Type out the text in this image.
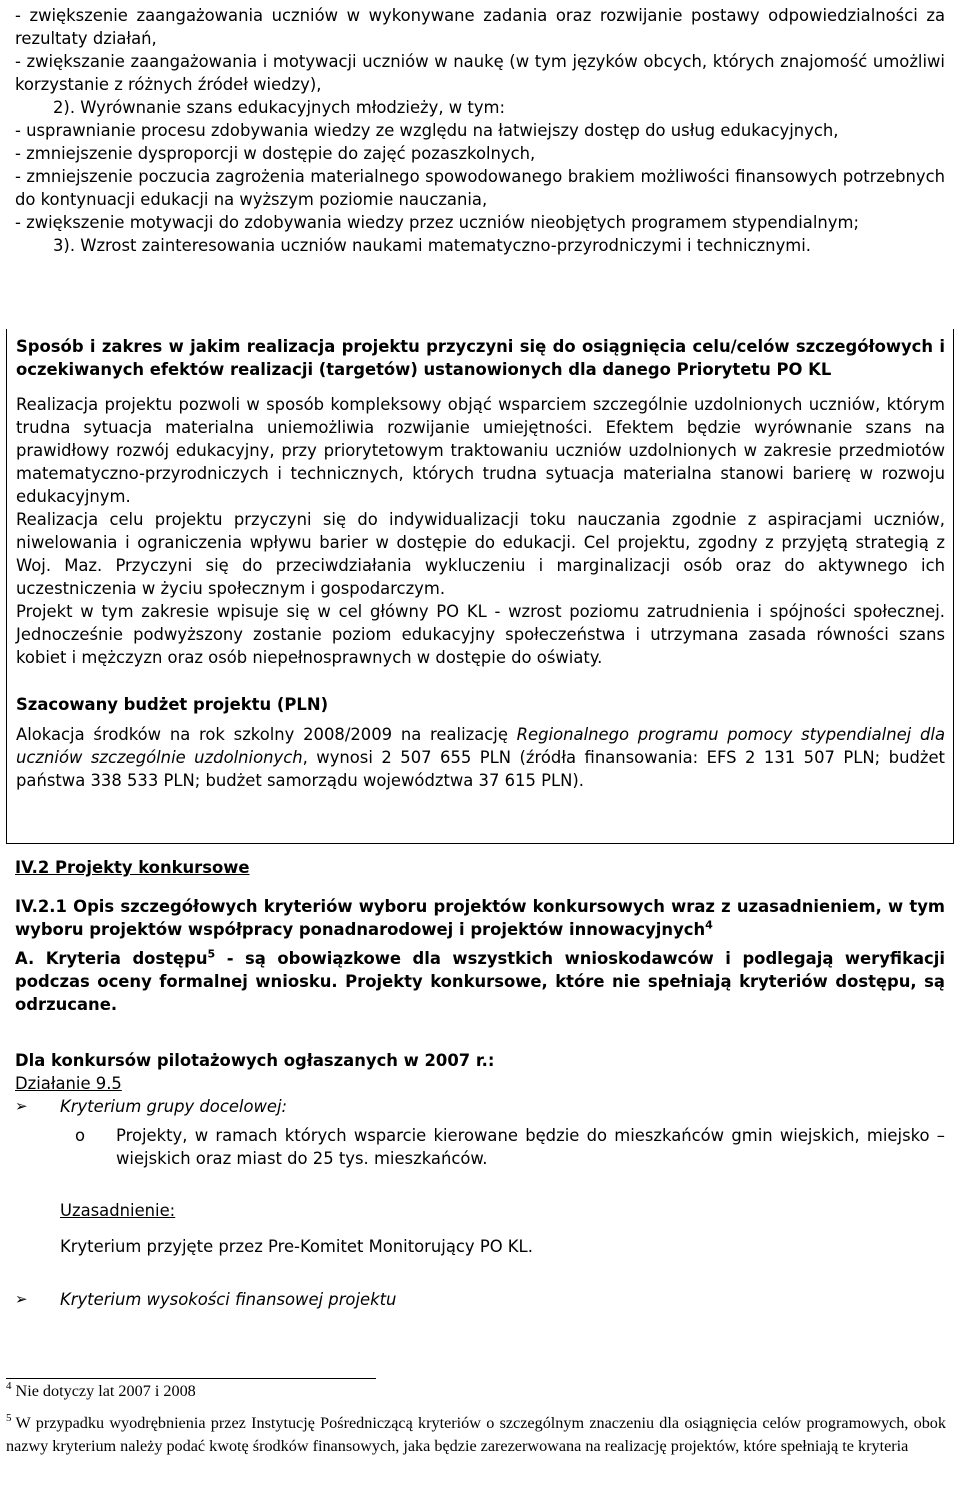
- zwiększenie zaangażowania uczniów w wykonywane zadania oraz rozwijanie postawy odpowiedzialności za rezultaty działań,

- zwiększanie zaangażowania i motywacji uczniów w naukę (w tym języków obcych, których znajomość umożliwi korzystanie z różnych źródeł wiedzy),

2). Wyrównanie szans edukacyjnych młodzieży, w tym:

- usprawnianie procesu zdobywania wiedzy ze względu na łatwiejszy dostęp do usług edukacyjnych,

- zmniejszenie dysproporcji w dostępie do zajęć pozaszkolnych,

- zmniejszenie poczucia zagrożenia materialnego spowodowanego brakiem możliwości finansowych potrzebnych do kontynuacji edukacji na wyższym poziomie nauczania,

- zwiększenie motywacji do zdobywania wiedzy przez uczniów nieobjętych programem stypendialnym;

3). Wzrost zainteresowania uczniów naukami matematyczno-przyrodniczymi i technicznymi.

Sposób i zakres w jakim realizacja projektu przyczyni się do osiągnięcia celu/celów szczegółowych i oczekiwanych efektów realizacji (targetów) ustanowionych dla danego Priorytetu PO KL

Realizacja projektu pozwoli w sposób kompleksowy objąć wsparciem szczególnie uzdolnionych uczniów, którym trudna sytuacja materialna uniemożliwia rozwijanie umiejętności. Efektem będzie wyrównanie szans na prawidłowy rozwój edukacyjny, przy priorytetowym traktowaniu uczniów uzdolnionych w zakresie przedmiotów matematyczno-przyrodniczych i technicznych, których trudna sytuacja materialna stanowi barierę w rozwoju edukacyjnym.

Realizacja celu projektu przyczyni się do indywidualizacji toku nauczania zgodnie z aspiracjami uczniów, niwelowania i ograniczenia wpływu barier w dostępie do edukacji. Cel projektu, zgodny z przyjętą strategią z Woj. Maz. Przyczyni się do przeciwdziałania wykluczeniu i marginalizacji osób oraz do aktywnego ich uczestniczenia w życiu społecznym i gospodarczym.

Projekt w tym zakresie wpisuje się w cel główny PO KL - wzrost poziomu zatrudnienia i spójności społecznej. Jednocześnie podwyższony zostanie poziom edukacyjny społeczeństwa i utrzymana zasada równości szans kobiet i mężczyzn oraz osób niepełnosprawnych w dostępie do oświaty.

Szacowany budżet projektu (PLN)

Alokacja środków na rok szkolny 2008/2009 na realizację Regionalnego programu pomocy stypendialnej dla uczniów szczególnie uzdolnionych, wynosi 2 507 655 PLN (źródła finansowania: EFS 2 131 507 PLN; budżet państwa 338 533 PLN; budżet samorządu województwa 37 615 PLN).

IV.2 Projekty konkursowe

IV.2.1 Opis szczegółowych kryteriów wyboru projektów konkursowych wraz z uzasadnieniem, w tym wyboru projektów współpracy ponadnarodowej i projektów innowacyjnych$^4$

A. Kryteria dostępu$^5$ - są obowiązkowe dla wszystkich wnioskodawców i podlegają weryfikacji podczas oceny formalnej wniosku. Projekty konkursowe, które nie spełniają kryteriów dostępu, są odrzucane.

Dla konkursów pilotażowych ogłaszanych w 2007 r.:

Działanie 9.5

➢	Kryterium grupy docelowej:
o Projekty, w ramach których wsparcie kierowane będzie do mieszkańców gmin wiejskich, miejsko – wiejskich oraz miast do 25 tys. mieszkańców.

Uzasadnienie:

Kryterium przyjęte przez Pre-Komitet Monitorujący PO KL.

➢	Kryterium wysokości finansowej projektu

$^4$ Nie dotyczy lat 2007 i 2008

$^5$ W przypadku wyodrębnienia przez Instytucję Pośredniczącą kryteriów o szczególnym znaczeniu dla osiągnięcia celów programowych, obok nazwy kryterium należy podać kwotę środków finansowych, jaka będzie zarezerwowana na realizację projektów, które spełniają te kryteria
